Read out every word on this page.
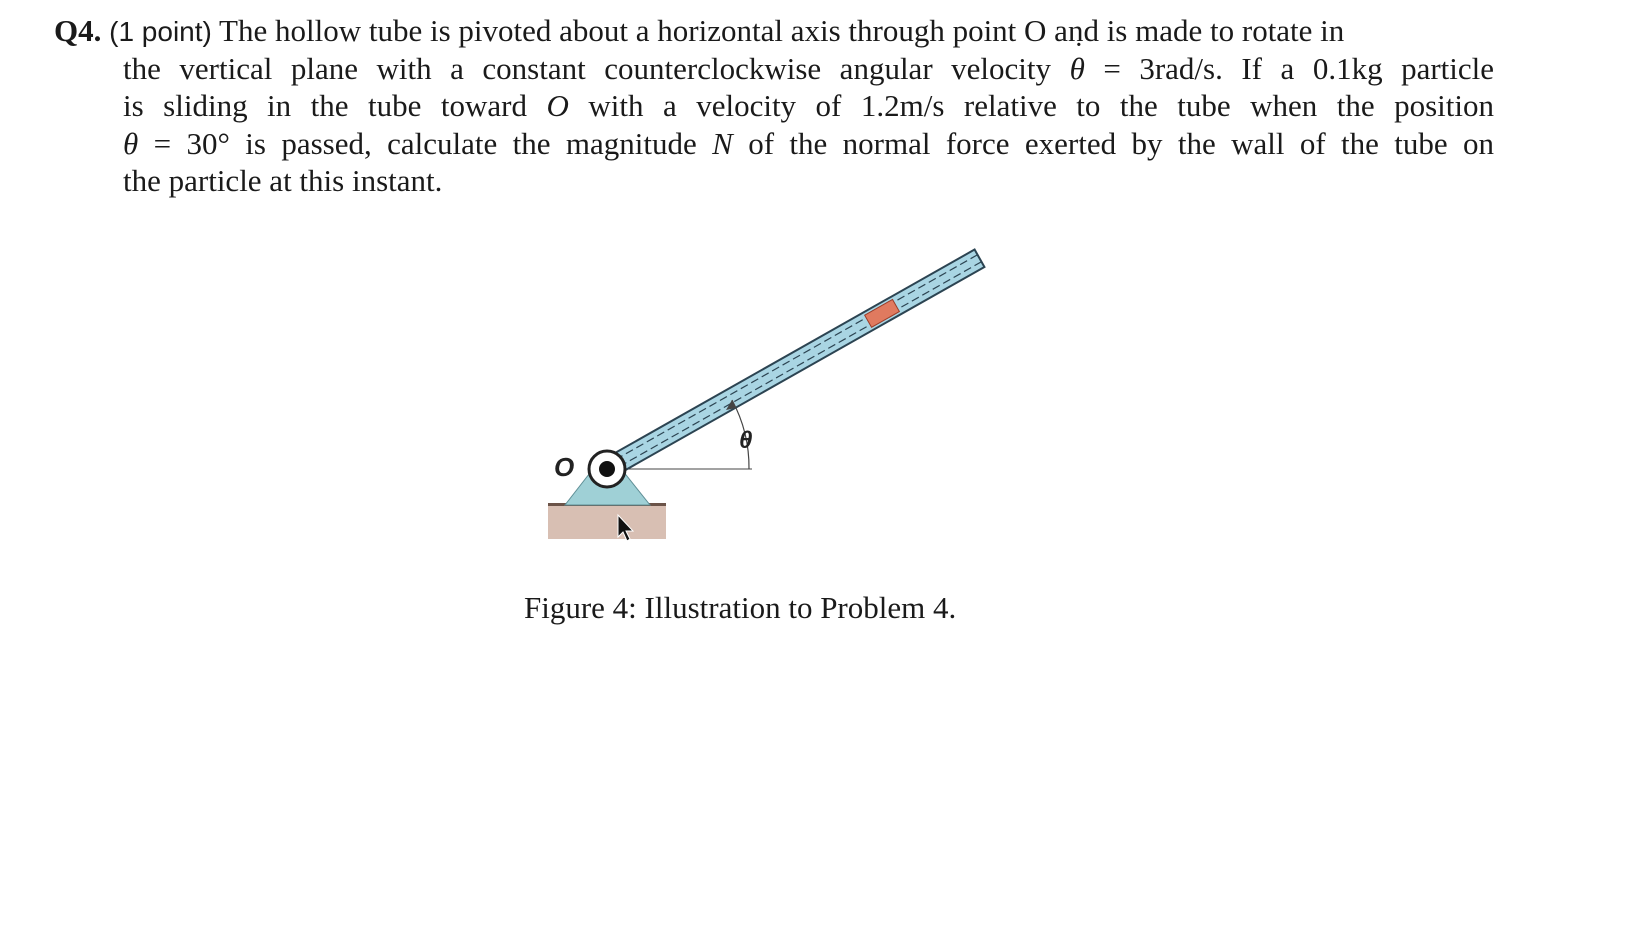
Q4. (1 point) The hollow tube is pivoted about a horizontal axis through point O and is made to rotate in
the vertical plane with a constant counterclockwise angular velocity θ ˙ = 3rad/s. If a 0.1kg particle
is sliding in the tube toward O with a velocity of 1.2m/s relative to the tube when the position
θ = 30° is passed, calculate the magnitude N of the normal force exerted by the wall of the tube on
the particle at this instant.
O
θ
Figure 4: Illustration to Problem 4.
